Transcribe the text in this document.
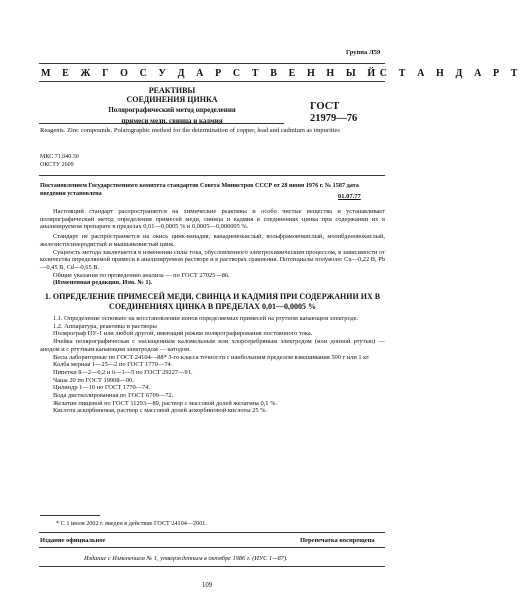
Группа Л59
М Е Ж Г О С У Д А Р С Т В Е Н Н Ы Й С Т А Н Д А Р Т
РЕАКТИВЫ
СОЕДИНЕНИЯ ЦИНКА
Полярографический метод определения
примеси меди, свинца и кадмия
ГОСТ
21979—76
Reagents. Zinc compounds. Polarographic method for the determination of copper, lead and cadmium as impurities
МКС 71.040.30
ОКСТУ 2609
Постановлением Государственного комитета стандартов Совета Министров СССР от 28 июня 1976 г. № 1587 дата введения установлена	01.07.77

Настоящий стандарт распространяется на химические реактивы и особо чистые вещества и устанавливает полярографический метод определения примесей меди, свинца и кадмия в соединениях цинка при содержании их в анализируемом препарате в пределах 0,01—0,0005 % и 0,0005—0,000005 %.

Стандарт не распространяется на окись цинк-ванадия, ванадиевокислый, вольфрамовокислый, молибденовокислый, железистосинеродистый и мышьяковистый цинк.

Сущность метода заключается в изменении силы тока, обусловленного электрохимическим процессом, в зависимости от количества определяемой примеси в анализируемом растворе и в растворах сравнения. Потенциалы полуволн: Cu—0,22 В, Pb—0,45 В, Cd—0,65 В.

Общие указания по проведению анализа — по ГОСТ 27025—86.

(Измененная редакция, Изм. № 1).

1. ОПРЕДЕЛЕНИЕ ПРИМЕСЕЙ МЕДИ, СВИНЦА И КАДМИЯ ПРИ СОДЕРЖАНИИ ИХ В СОЕДИНЕНИЯХ ЦИНКА В ПРЕДЕЛАХ 0,01—0,0005 %

1.1. Определение основано на восстановлении ионов определяемых примесей на ртутном капающем электроде.

1.2. Аппаратура, реактивы и растворы

Полярограф ПУ-1 или любой другой, имеющий режим полярографирования постоянного тока.

Ячейка полярографическая с насыщенным каломельным или хлорсеребряным электродом (или донной ртутью) — анодом и с ртутным капающим электродом — катодом.

Весы лабораторные по ГОСТ 24104—88* 3-го класса точности с наибольшим пределом взвешивания 500 г или 1 кг.

Колба мерная 1—25—2 по ГОСТ 1770—74.

Пипетки 8—2—0,2 и 6—1—5 по ГОСТ 29227—91.

Чаша 20 по ГОСТ 19908—90.

Цилиндр 1—10 по ГОСТ 1770—74.

Вода дистиллированная по ГОСТ 6709—72.

Желатин пищевой по ГОСТ 11293—89, раствор с массовой долей желатина 0,1 %.

Кислота аскорбиновая, раствор с массовой долей аскорбиновой кислоты 25 %.

* С 1 июля 2002 г. введен в действие ГОСТ 24104—2001.
Издание официальное	Перепечатка воспрещена
Издание с Изменением № 1, утвержденным в октябре 1986 г. (ИУС 1—87).
109
